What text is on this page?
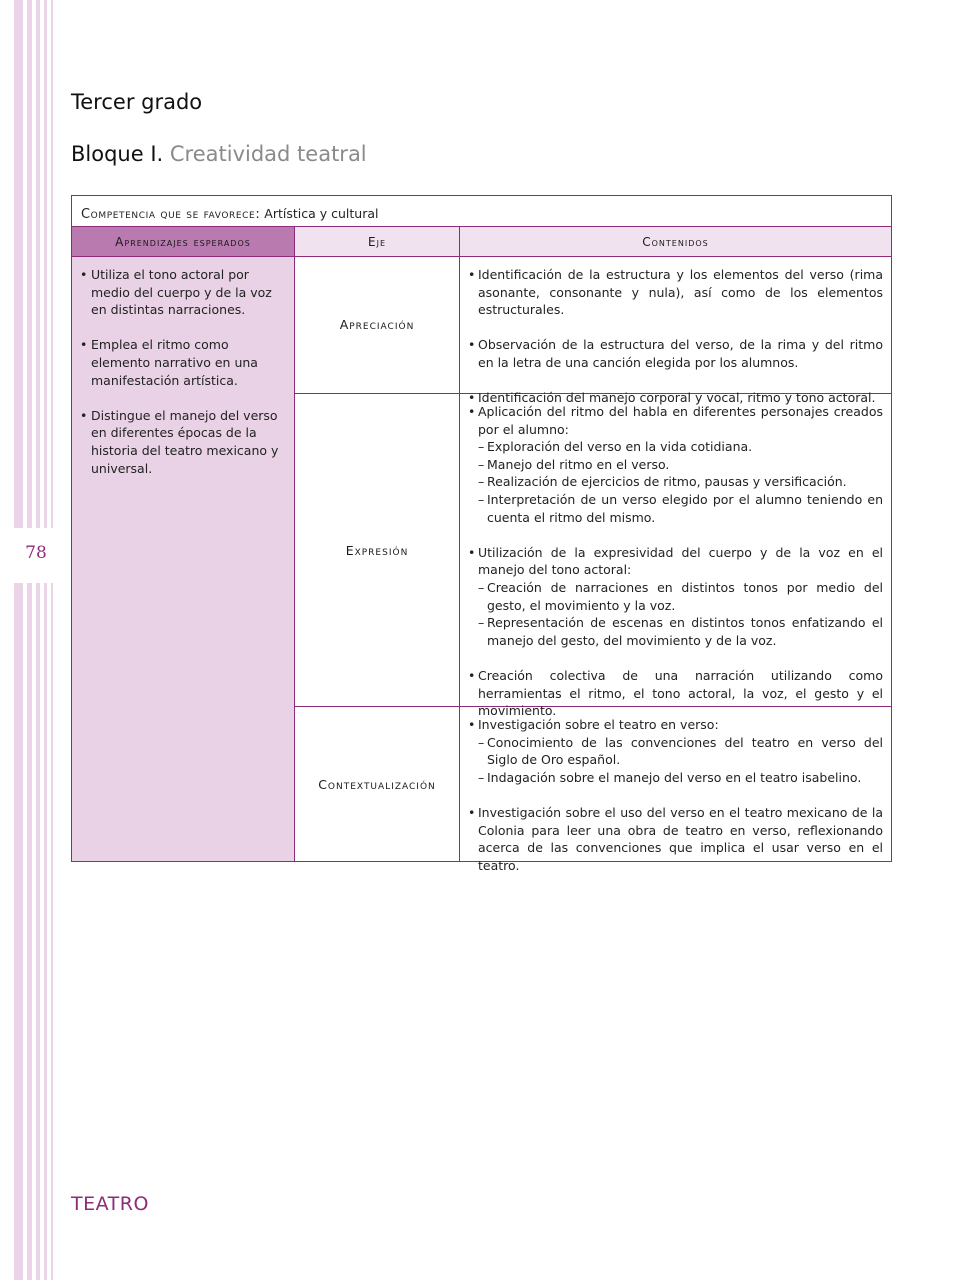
78
Tercer grado
Bloque I. Creatividad teatral
Competencia que se favorece: Artística y cultural
Aprendizajes esperados	Eje	Contenidos
• Utiliza el tono actoral por medio del cuerpo y de la voz en distintas narraciones.
• Emplea el ritmo como elemento narrativo en una manifestación artística.
• Distingue el manejo del verso en diferentes épocas de la historia del teatro mexicano y universal.
Apreciación
• Identificación de la estructura y los elementos del verso (rima asonante, consonante y nula), así como de los elementos estructurales.
• Observación de la estructura del verso, de la rima y del ritmo en la letra de una canción elegida por los alumnos.
• Identificación del manejo corporal y vocal, ritmo y tono actoral.
Expresión
• Aplicación del ritmo del habla en diferentes personajes creados por el alumno:
– Exploración del verso en la vida cotidiana.
– Manejo del ritmo en el verso.
– Realización de ejercicios de ritmo, pausas y versificación.
– Interpretación de un verso elegido por el alumno teniendo en cuenta el ritmo del mismo.
• Utilización de la expresividad del cuerpo y de la voz en el manejo del tono actoral:
– Creación de narraciones en distintos tonos por medio del gesto, el movimiento y la voz.
– Representación de escenas en distintos tonos enfatizando el manejo del gesto, del movimiento y de la voz.
• Creación colectiva de una narración utilizando como herramientas el ritmo, el tono actoral, la voz, el gesto y el movimiento.
Contextualización
• Investigación sobre el teatro en verso:
– Conocimiento de las convenciones del teatro en verso del Siglo de Oro español.
– Indagación sobre el manejo del verso en el teatro isabelino.
• Investigación sobre el uso del verso en el teatro mexicano de la Colonia para leer una obra de teatro en verso, reflexionando acerca de las convenciones que implica el usar verso en el teatro.
TEATRO
